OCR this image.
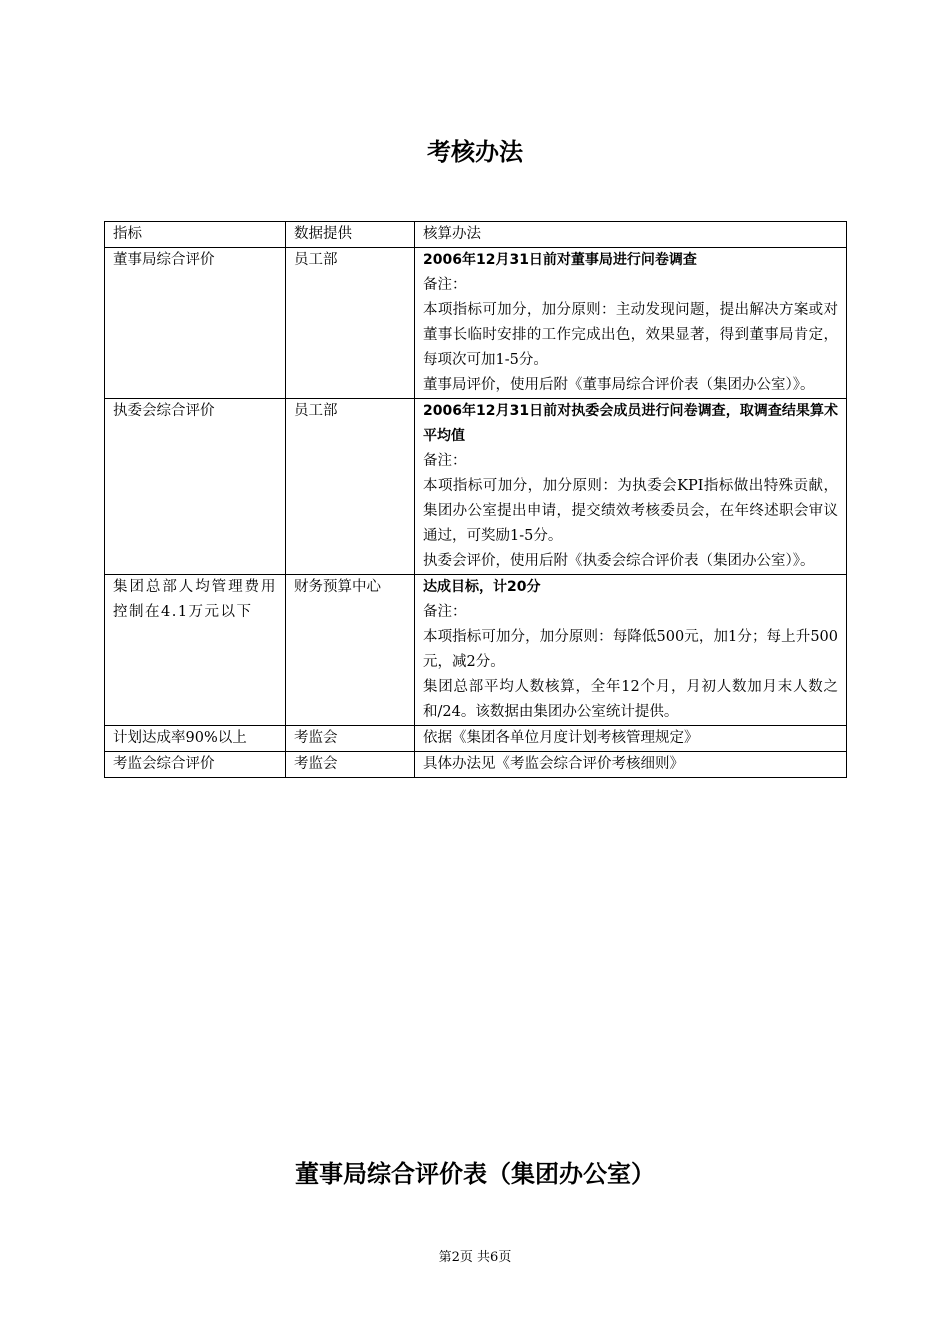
考核办法
指标	数据提供	核算办法
董事局综合评价	员工部	2006年12月31日前对董事局进行问卷调查
备注：
本项指标可加分，加分原则：主动发现问题，提出解决方案或对董事长临时安排的工作完成出色，效果显著，得到董事局肯定，每项次可加1-5分。
董事局评价，使用后附《董事局综合评价表（集团办公室）》。

执委会综合评价	员工部	2006年12月31日前对执委会成员进行问卷调查，取调查结果算术平均值
备注：
本项指标可加分，加分原则：为执委会KPI指标做出特殊贡献，集团办公室提出申请，提交绩效考核委员会，在年终述职会审议通过，可奖励1-5分。
执委会评价，使用后附《执委会综合评价表（集团办公室）》。

集团总部人均管理费用控制在4.1万元以下	财务预算中心	达成目标，计20分
备注：
本项指标可加分，加分原则：每降低500元，加1分；每上升500元，减2分。
集团总部平均人数核算，全年12个月，月初人数加月末人数之和/24。该数据由集团办公室统计提供。

计划达成率90%以上	考监会	依据《集团各单位月度计划考核管理规定》
考监会综合评价	考监会	具体办法见《考监会综合评价考核细则》
董事局综合评价表（集团办公室）
第2页 共6页
